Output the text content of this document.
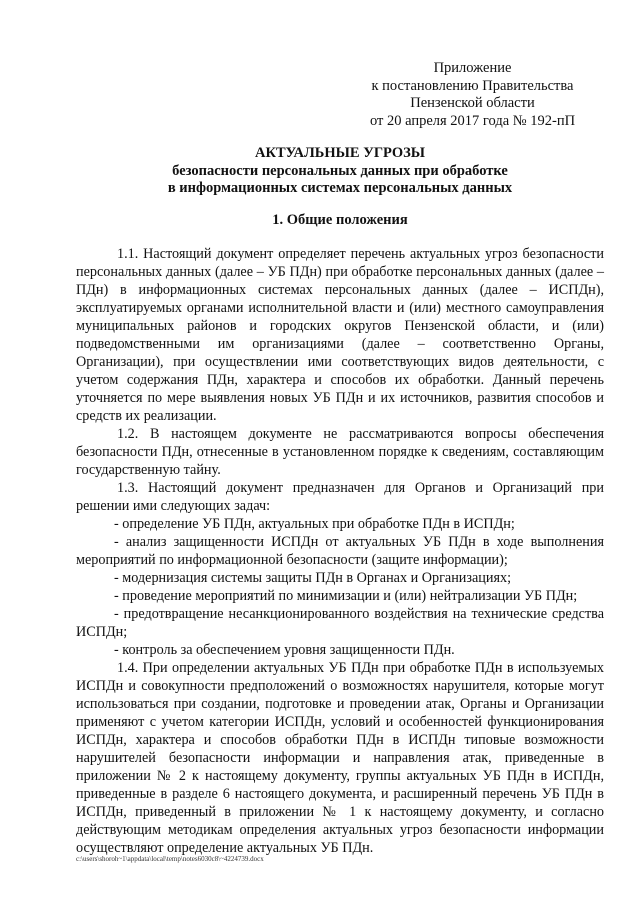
Приложение
к постановлению Правительства
Пензенской области
от 20 апреля 2017 года № 192-пП
АКТУАЛЬНЫЕ УГРОЗЫ
безопасности персональных данных при обработке
в информационных системах персональных данных
1. Общие положения

1.1. Настоящий документ определяет перечень актуальных угроз безопасности персональных данных (далее – УБ ПДн) при обработке персональных данных (далее – ПДн) в информационных системах персональных данных (далее – ИСПДн), эксплуатируемых органами исполнительной власти и (или) местного самоуправления муниципальных районов и городских округов Пензенской области, и (или) подведомственными им организациями (далее – соответственно Органы, Организации), при осуществлении ими соответствующих видов деятельности, с учетом содержания ПДн, характера и способов их обработки. Данный перечень уточняется по мере выявления новых УБ ПДн и их источников, развития способов и средств их реализации.

1.2. В настоящем документе не рассматриваются вопросы обеспечения безопасности ПДн, отнесенные в установленном порядке к сведениям, составляющим государственную тайну.

1.3. Настоящий документ предназначен для Органов и Организаций при решении ими следующих задач:

- определение УБ ПДн, актуальных при обработке ПДн в ИСПДн;

- анализ защищенности ИСПДн от актуальных УБ ПДн в ходе выполнения мероприятий по информационной безопасности (защите информации);

- модернизация системы защиты ПДн в Органах и Организациях;

- проведение мероприятий по минимизации и (или) нейтрализации УБ ПДн;

- предотвращение несанкционированного воздействия на технические средства ИСПДн;

- контроль за обеспечением уровня защищенности ПДн.

1.4. При определении актуальных УБ ПДн при обработке ПДн в используемых ИСПДн и совокупности предположений о возможностях нарушителя, которые могут использоваться при создании, подготовке и проведении атак, Органы и Организации применяют с учетом категории ИСПДн, условий и особенностей функционирования ИСПДн, характера и способов обработки ПДн в ИСПДн типовые возможности нарушителей безопасности информации и направления атак, приведенные в приложении № 2 к настоящему документу, группы актуальных УБ ПДн в ИСПДн, приведенные в разделе 6 настоящего документа, и расширенный перечень УБ ПДн в ИСПДн, приведенный в приложении № 1 к настоящему документу, и согласно действующим методикам определения актуальных угроз безопасности информации осуществляют определение актуальных УБ ПДн.

c:\users\shoroh~1\appdata\local\temp\notes6030c8\~4224739.docx
